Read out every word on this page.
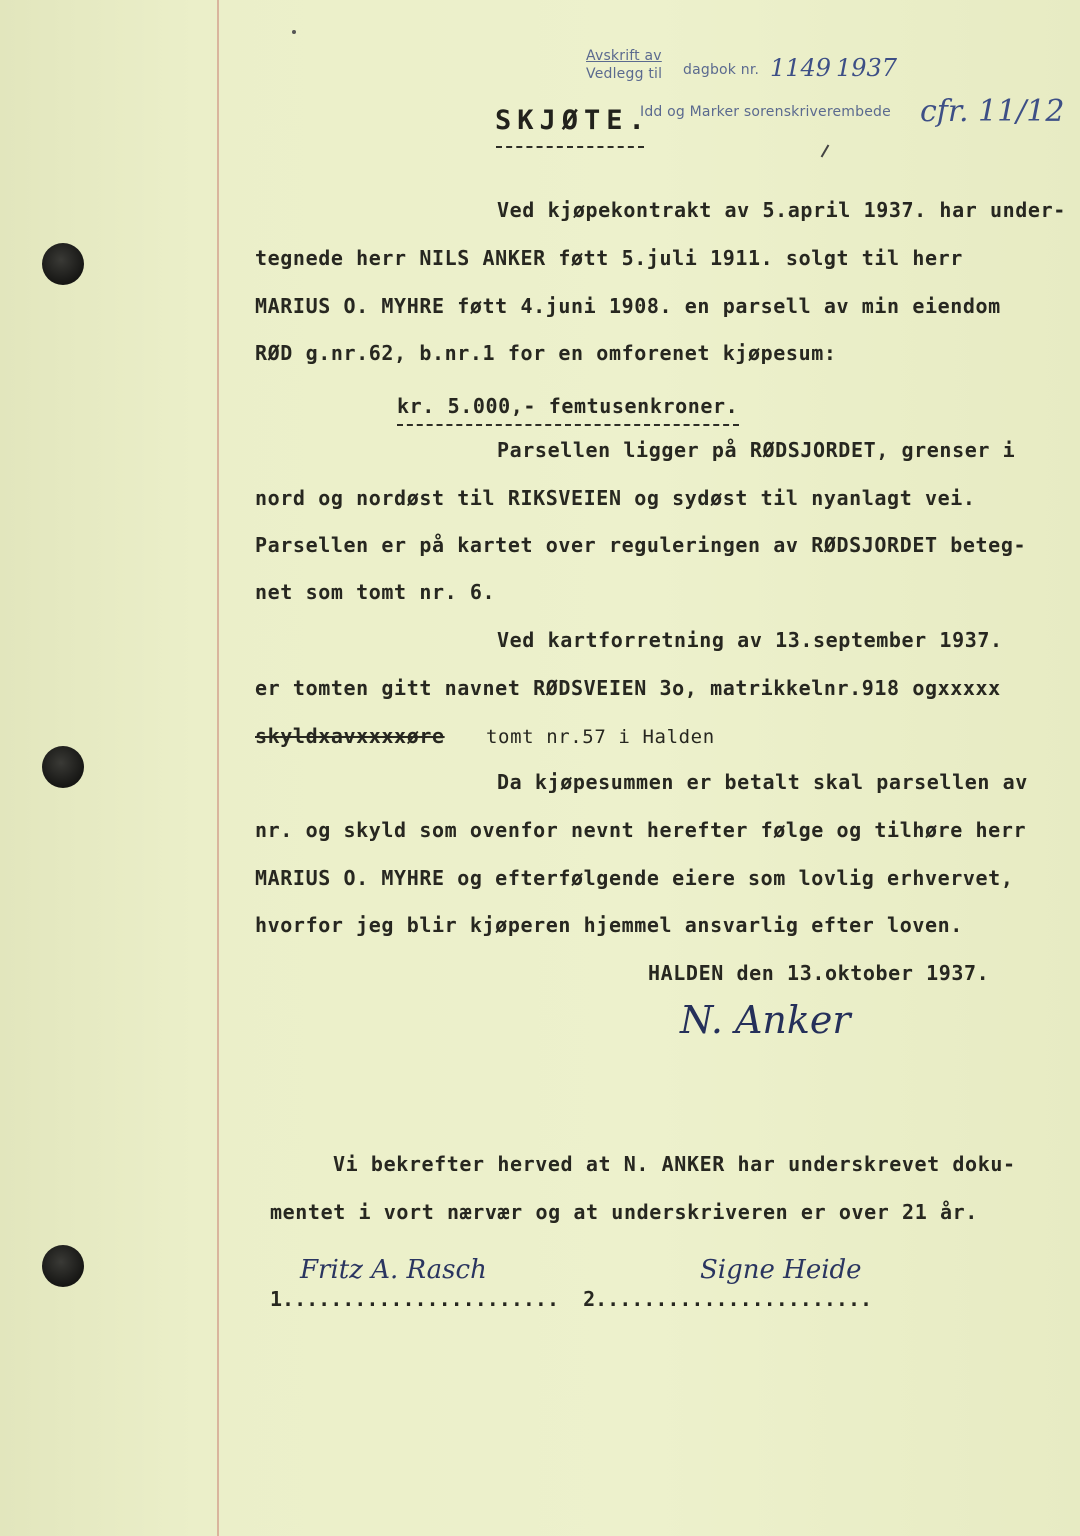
Avskrift av
Vedlegg til dagbok nr. 1149 1937
Idd og Marker sorenskriverembede cfr. 11/12
SKJØTE.
Ved kjøpekontrakt av 5.april 1937. har under-
tegnede herr NILS ANKER føtt 5.juli 1911. solgt til herr
MARIUS O. MYHRE føtt 4.juni 1908. en parsell av min eiendom
RØD g.nr.62, b.nr.1 for en omforenet kjøpesum:
kr. 5.000,- femtusenkroner.
Parsellen ligger på RØDSJORDET, grenser i
nord og nordøst til RIKSVEIEN og sydøst til nyanlagt vei.
Parsellen er på kartet over reguleringen av RØDSJORDET beteg-
net som tomt nr. 6.
Ved kartforretning av 13.september 1937.
er tomten gitt navnet RØDSVEIEN 3o, matrikkelnr.918 ogxxxxx
skyldxavxxxxøre tomt nr.57 i Halden
Da kjøpesummen er betalt skal parsellen av
nr. og skyld som ovenfor nevnt herefter følge og tilhøre herr
MARIUS O. MYHRE og efterfølgende eiere som lovlig erhvervet,
hvorfor jeg blir kjøperen hjemmel ansvarlig efter loven.
HALDEN den 13.oktober 1937.
N. Anker
Vi bekrefter herved at N. ANKER har underskrevet doku-
mentet i vort nærvær og at underskriveren er over 21 år.
1.......................  2.......................
Fritz A. Rasch	Signe Heide
